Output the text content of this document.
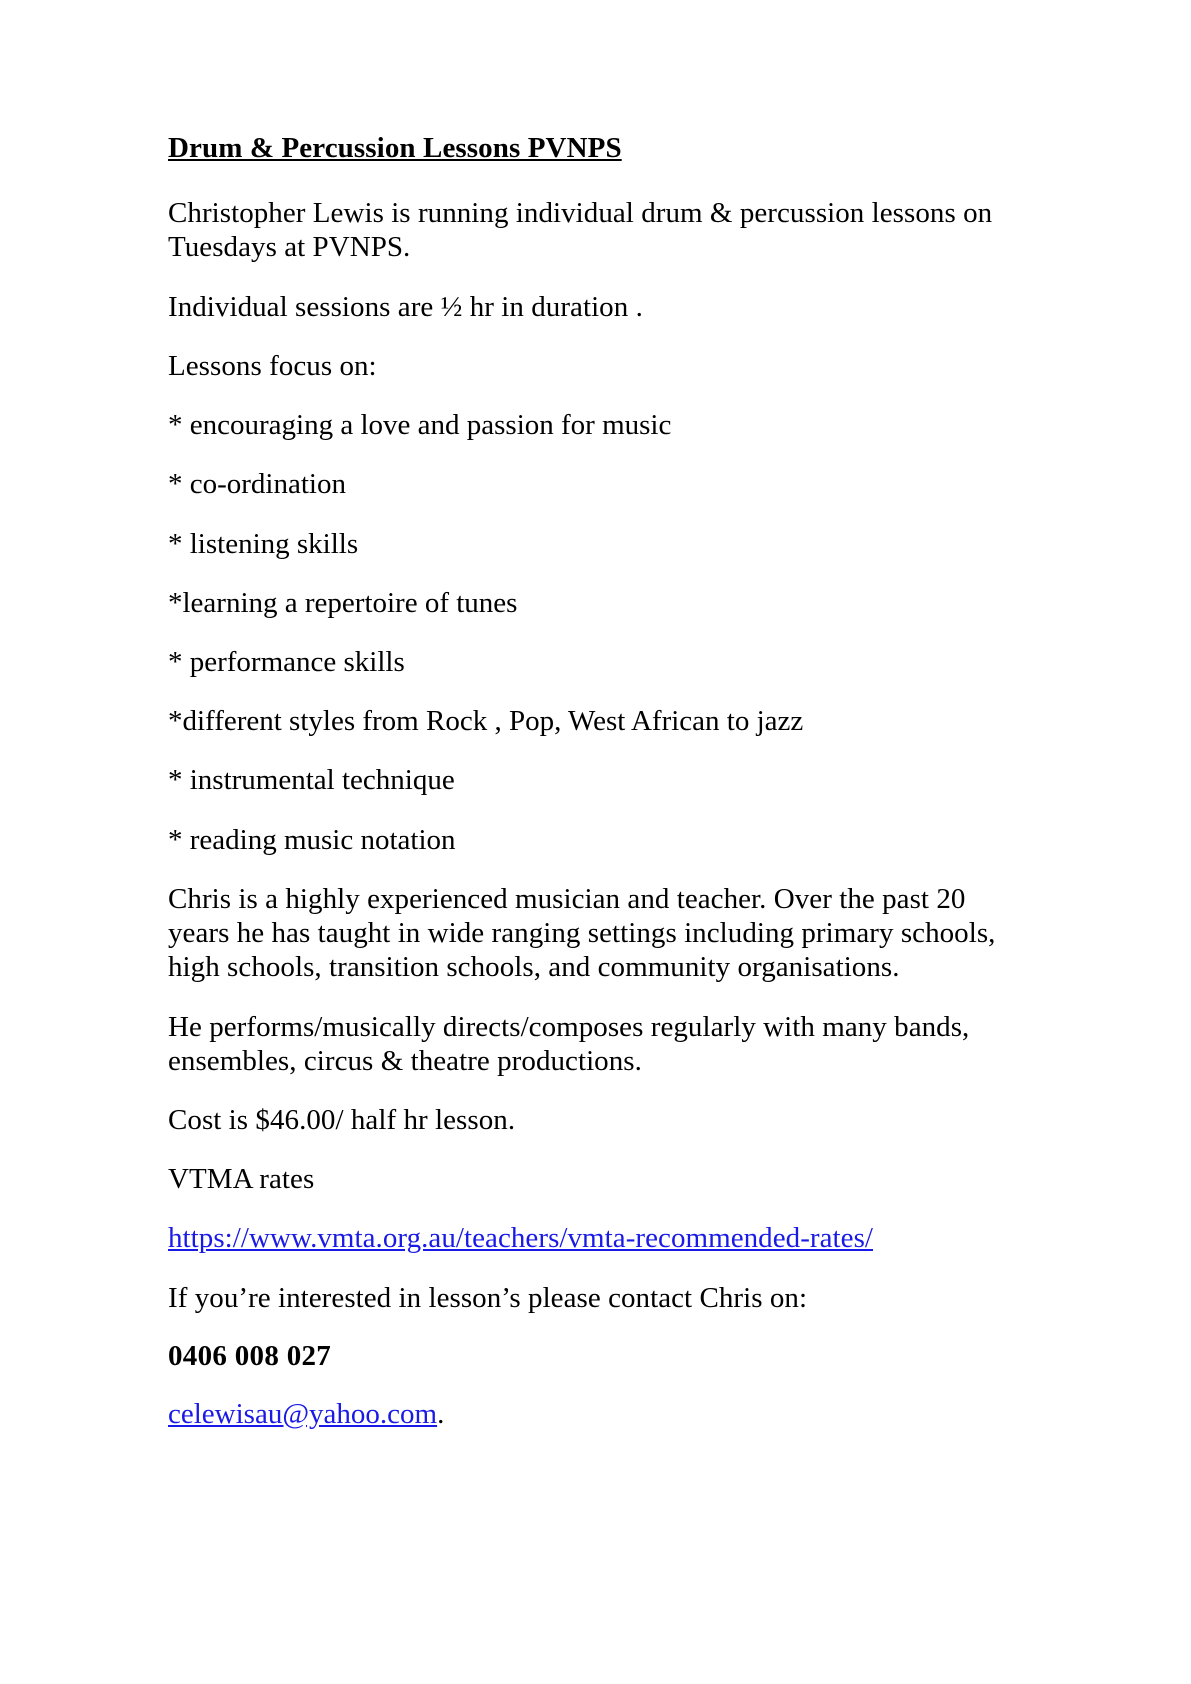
Drum & Percussion Lessons PVNPS

Christopher Lewis is running individual drum & percussion lessons on Tuesdays at PVNPS.

Individual sessions are ½ hr in duration .

Lessons focus on:

* encouraging a love and passion for music

* co-ordination

* listening skills

*learning a repertoire of tunes

* performance skills

*different styles from Rock , Pop, West African to jazz

* instrumental technique

* reading music notation

Chris is a highly experienced musician and teacher. Over the past 20 years he has taught in wide ranging settings including primary schools, high schools, transition schools, and community organisations.

He performs/musically directs/composes regularly with many bands, ensembles, circus & theatre productions.

Cost is $46.00/ half hr lesson.

VTMA rates

https://www.vmta.org.au/teachers/vmta-recommended-rates/

If you’re interested in lesson’s please contact Chris on:

0406 008 027

celewisau@yahoo.com.
